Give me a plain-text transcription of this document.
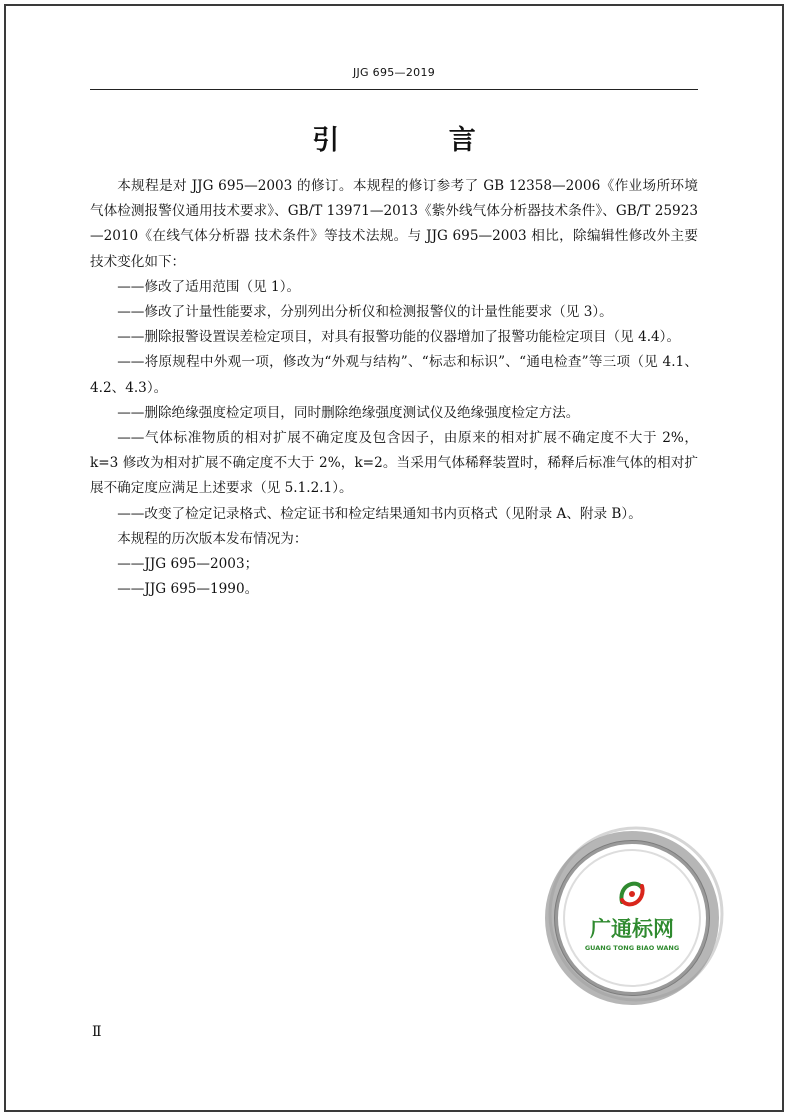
JJG 695—2019
引 言

本规程是对 JJG 695—2003 的修订。本规程的修订参考了 GB 12358—2006《作业场所环境气体检测报警仪通用技术要求》、GB/T 13971—2013《紫外线气体分析器技术条件》、GB/T 25923—2010《在线气体分析器 技术条件》等技术法规。与 JJG 695—2003 相比，除编辑性修改外主要技术变化如下：

——修改了适用范围（见 1）。

——修改了计量性能要求，分别列出分析仪和检测报警仪的计量性能要求（见 3）。

——删除报警设置误差检定项目，对具有报警功能的仪器增加了报警功能检定项目（见 4.4）。

——将原规程中外观一项，修改为“外观与结构”、“标志和标识”、“通电检查”等三项（见 4.1、4.2、4.3）。

——删除绝缘强度检定项目，同时删除绝缘强度测试仪及绝缘强度检定方法。

——气体标准物质的相对扩展不确定度及包含因子，由原来的相对扩展不确定度不大于 2%，k=3 修改为相对扩展不确定度不大于 2%，k=2。当采用气体稀释装置时，稀释后标准气体的相对扩展不确定度应满足上述要求（见 5.1.2.1）。

——改变了检定记录格式、检定证书和检定结果通知书内页格式（见附录 A、附录 B）。

本规程的历次版本发布情况为：

——JJG 695—2003；

——JJG 695—1990。

广通标网
GUANG TONG BIAO WANG
Ⅱ
